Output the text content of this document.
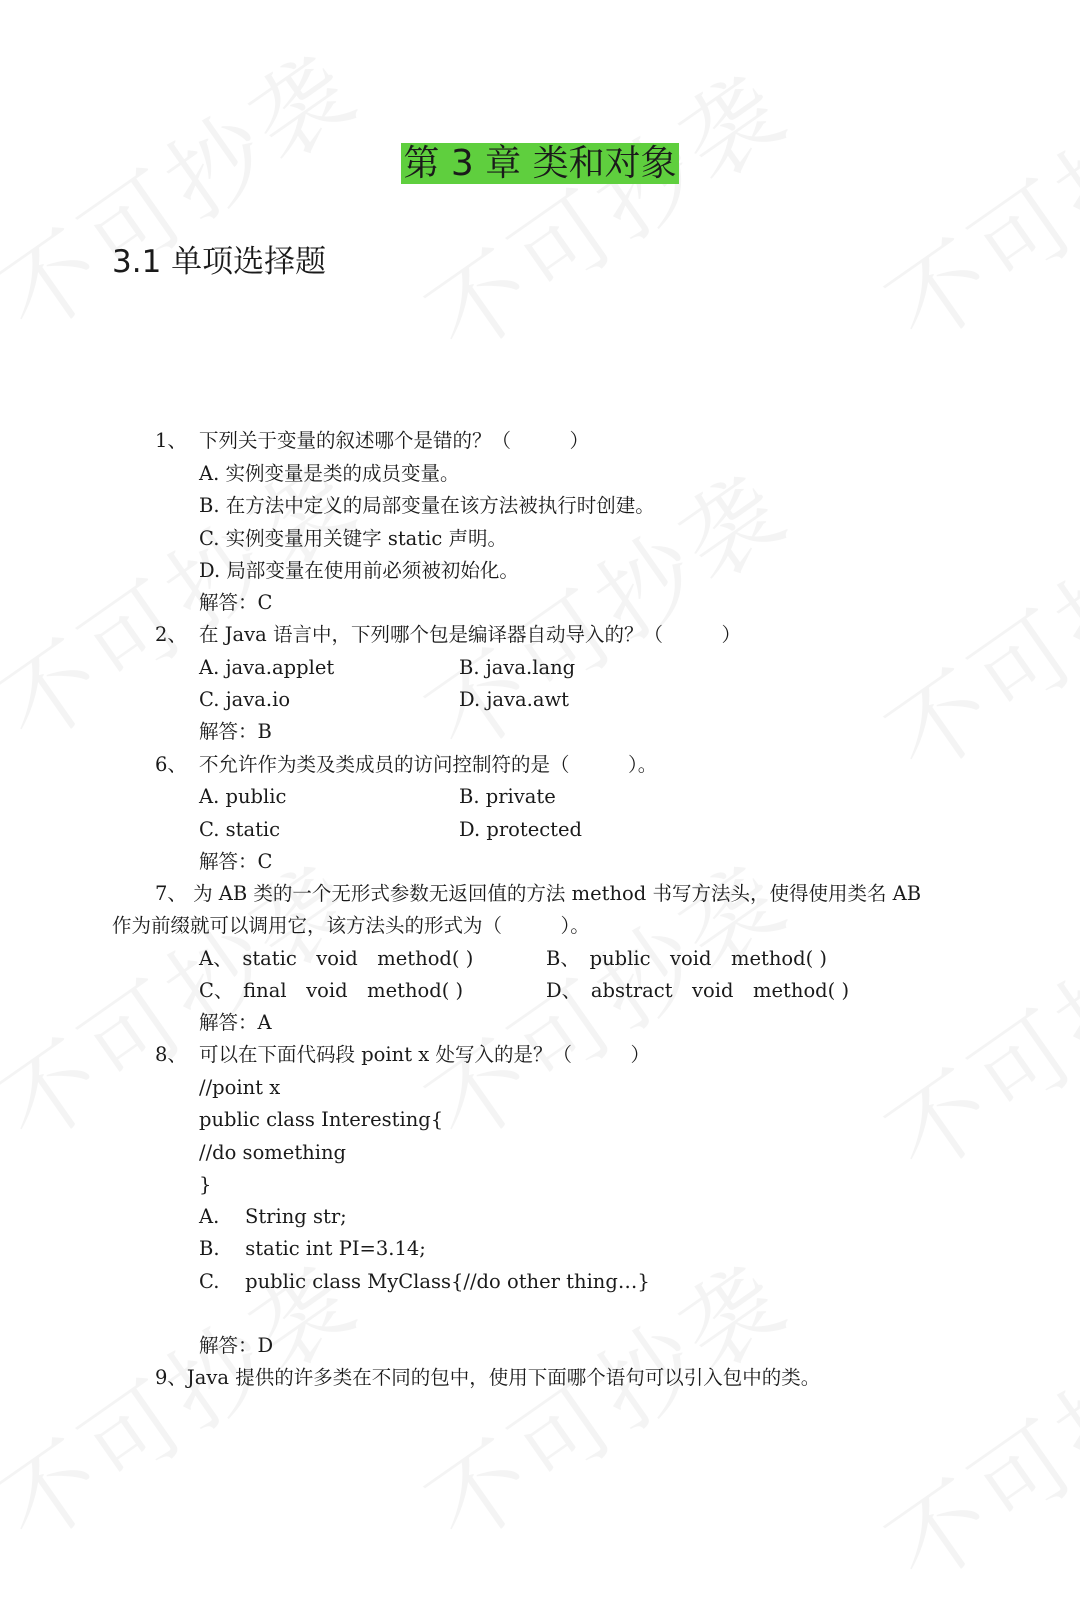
第 3 章 类和对象
3.1 单项选择题
1、 下列关于变量的叙述哪个是错的？（　　　）
A. 实例变量是类的成员变量。
B. 在方法中定义的局部变量在该方法被执行时创建。
C. 实例变量用关键字 static 声明。
D. 局部变量在使用前必须被初始化。
解答：C
2、 在 Java 语言中，下列哪个包是编译器自动导入的？（　　　）
A. java.applet	B. java.lang
C. java.io	D. java.awt
解答：B
6、 不允许作为类及类成员的访问控制符的是（　　　）。
A. public	B. private
C. static	D. protected
解答：C
7、 为 AB 类的一个无形式参数无返回值的方法 method 书写方法头，使得使用类名 AB
作为前缀就可以调用它，该方法头的形式为（　　　）。
A、　static　void　method( )	B、　public　void　method( )
C、　final　void　method( )	D、　abstract　void　method( )
解答：A
8、 可以在下面代码段 point x 处写入的是？（　　　）
//point x
public class Interesting{
//do something
}
A.　 String str;
B.　 static int PI=3.14;
C.　 public class MyClass{//do other thing…}
解答：D
9、Java 提供的许多类在不同的包中，使用下面哪个语句可以引入包中的类。
